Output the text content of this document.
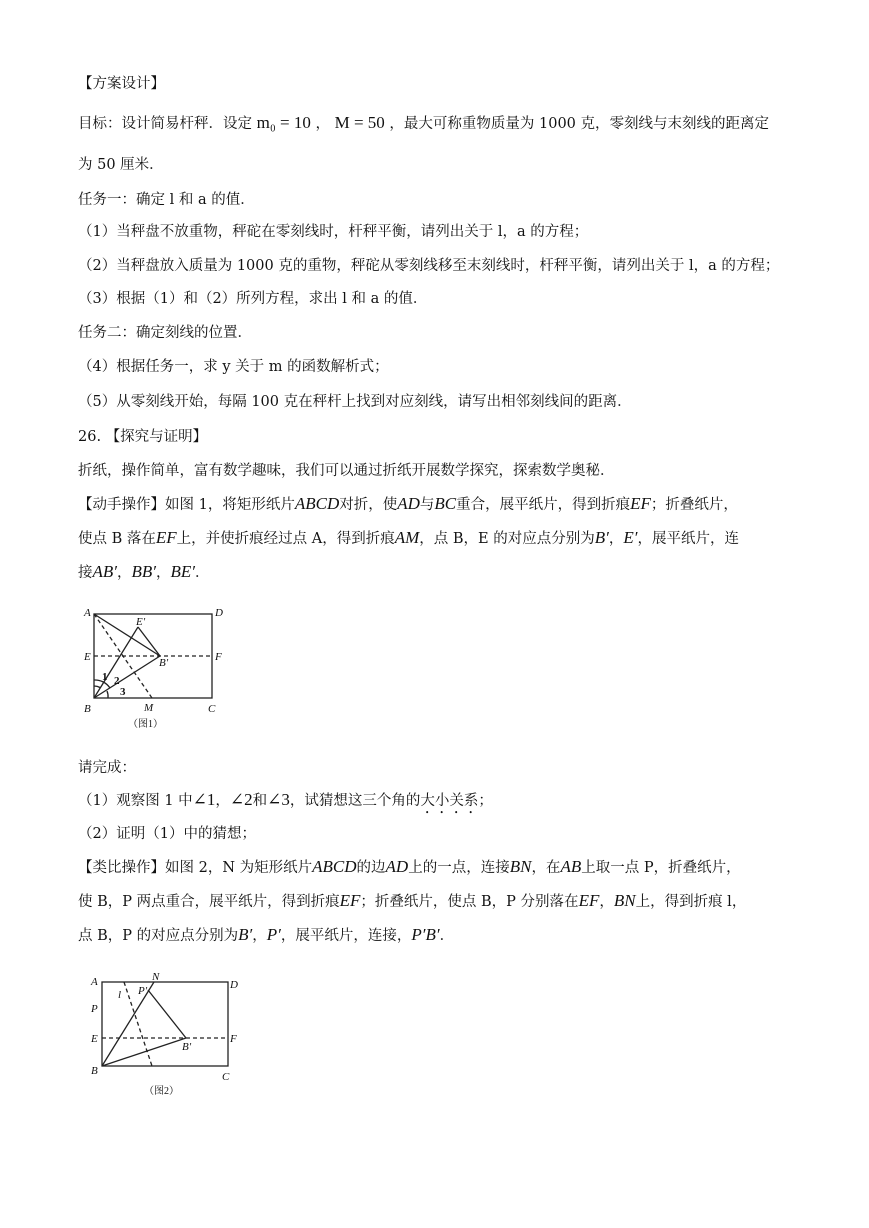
【方案设计】
目标：设计简易杆秤．设定 m₀ = 10 ， M = 50 ，最大可称重物质量为 1000 克，零刻线与末刻线的距离定
为 50 厘米．
任务一：确定 l 和 a 的值．
（1）当秤盘不放重物，秤砣在零刻线时，杆秤平衡，请列出关于 l，a 的方程；
（2）当秤盘放入质量为 1000 克的重物，秤砣从零刻线移至末刻线时，杆秤平衡，请列出关于 l，a 的方程；
（3）根据（1）和（2）所列方程，求出 l 和 a 的值．
任务二：确定刻线的位置．
（4）根据任务一，求 y 关于 m 的函数解析式；
（5）从零刻线开始，每隔 100 克在秤杆上找到对应刻线，请写出相邻刻线间的距离．
26. 【探究与证明】
折纸，操作简单，富有数学趣味，我们可以通过折纸开展数学探究，探索数学奥秘．
【动手操作】如图 1，将矩形纸片ABCD对折，使AD与BC重合，展平纸片，得到折痕EF；折叠纸片，
使点 B 落在EF上，并使折痕经过点 A，得到折痕AM，点 B，E 的对应点分别为B′，E′，展平纸片，连
接AB′，BB′，BE′．
A	D
E	F
B	C
M
E′
B′
1 2
3
（图1）
请完成：
（1）观察图 1 中∠1，∠2和∠3，试猜想这三个角的大小关系；
（2）证明（1）中的猜想；
【类比操作】如图 2，N 为矩形纸片ABCD的边AD上的一点，连接BN，在AB上取一点 P，折叠纸片，
使 B，P 两点重合，展平纸片，得到折痕EF；折叠纸片，使点 B，P 分别落在EF，BN上，得到折痕 l，
点 B，P 的对应点分别为B′，P′，展平纸片，连接，P′B′．
A	D
P
E	F
B	C
N
P′
B′
l
（图2）
